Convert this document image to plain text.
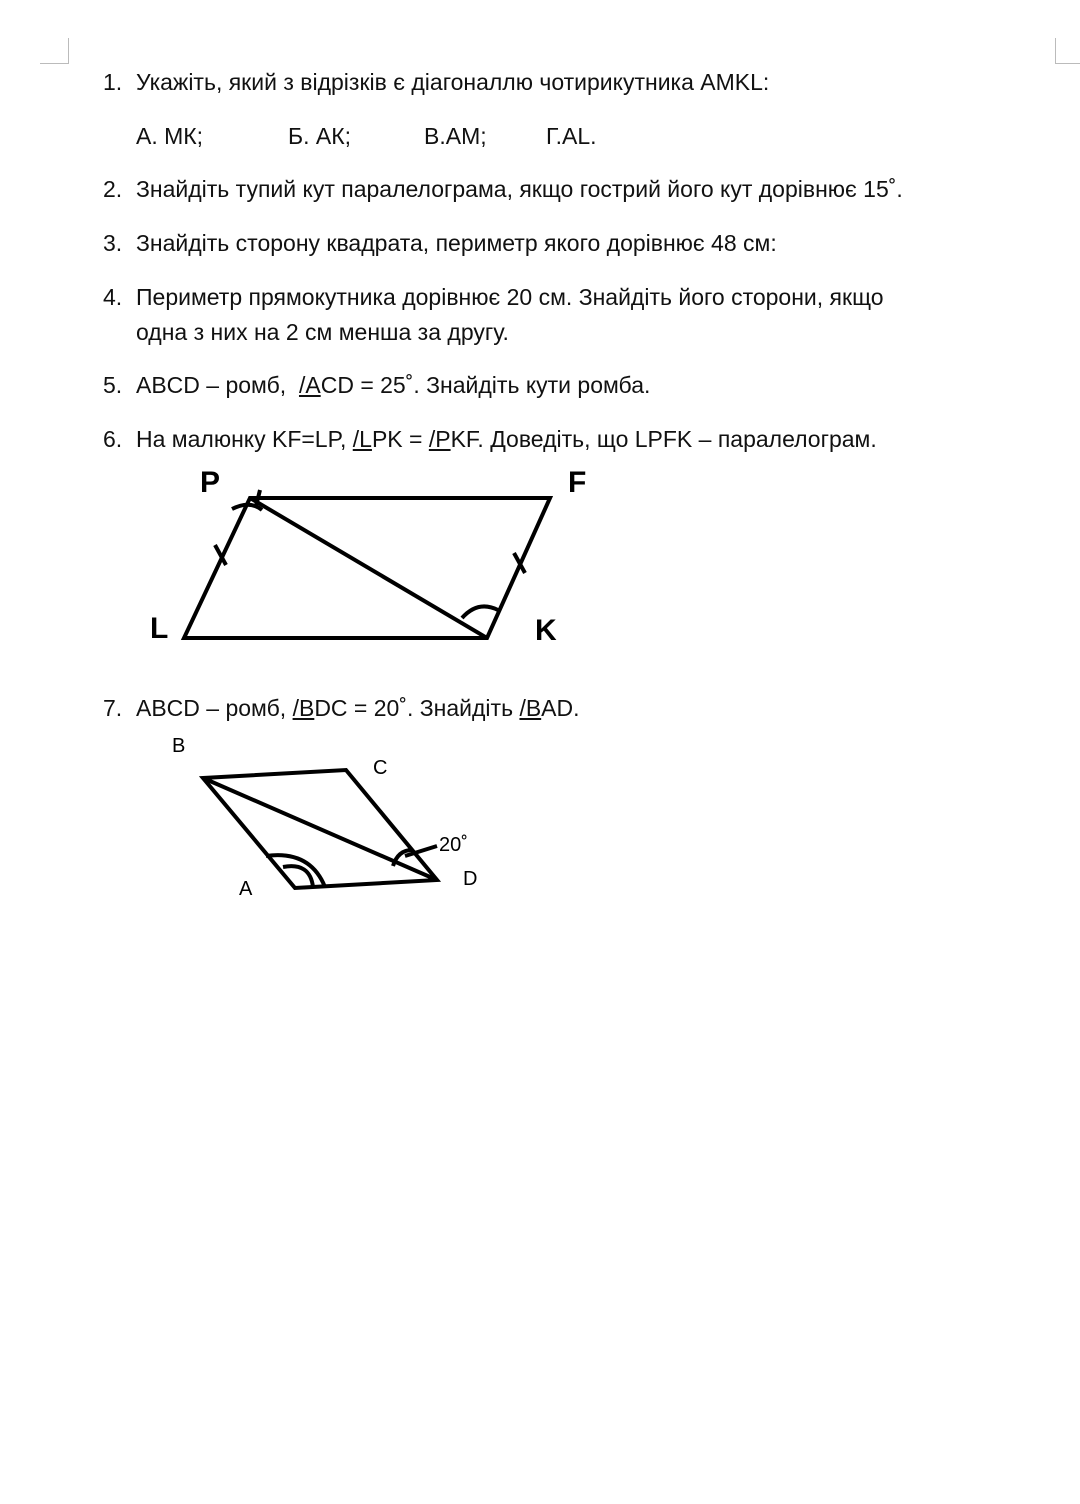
1. Укажіть, який з відрізків є діагоналлю чотирикутника AMKL:
А. МК;	Б. АК;	В.АМ;	Г.AL.
2. Знайдіть тупий кут паралелограма, якщо гострий його кут дорівнює 15˚.
3. Знайдіть сторону квадрата, периметр якого дорівнює 48 см:
4. Периметр прямокутника дорівнює 20 см. Знайдіть його сторони, якщо
одна з них на 2 см менша за другу.
5. ABCD – ромб,  /ACD = 25˚. Знайдіть кути ромба.
6. На малюнку KF=LP, /LPK = /PKF. Доведіть, що LPFK – паралелограм.
P	F
L	K
B
C
A	D
20˚
7. ABCD – ромб, /BDC = 20˚. Знайдіть /BAD.
